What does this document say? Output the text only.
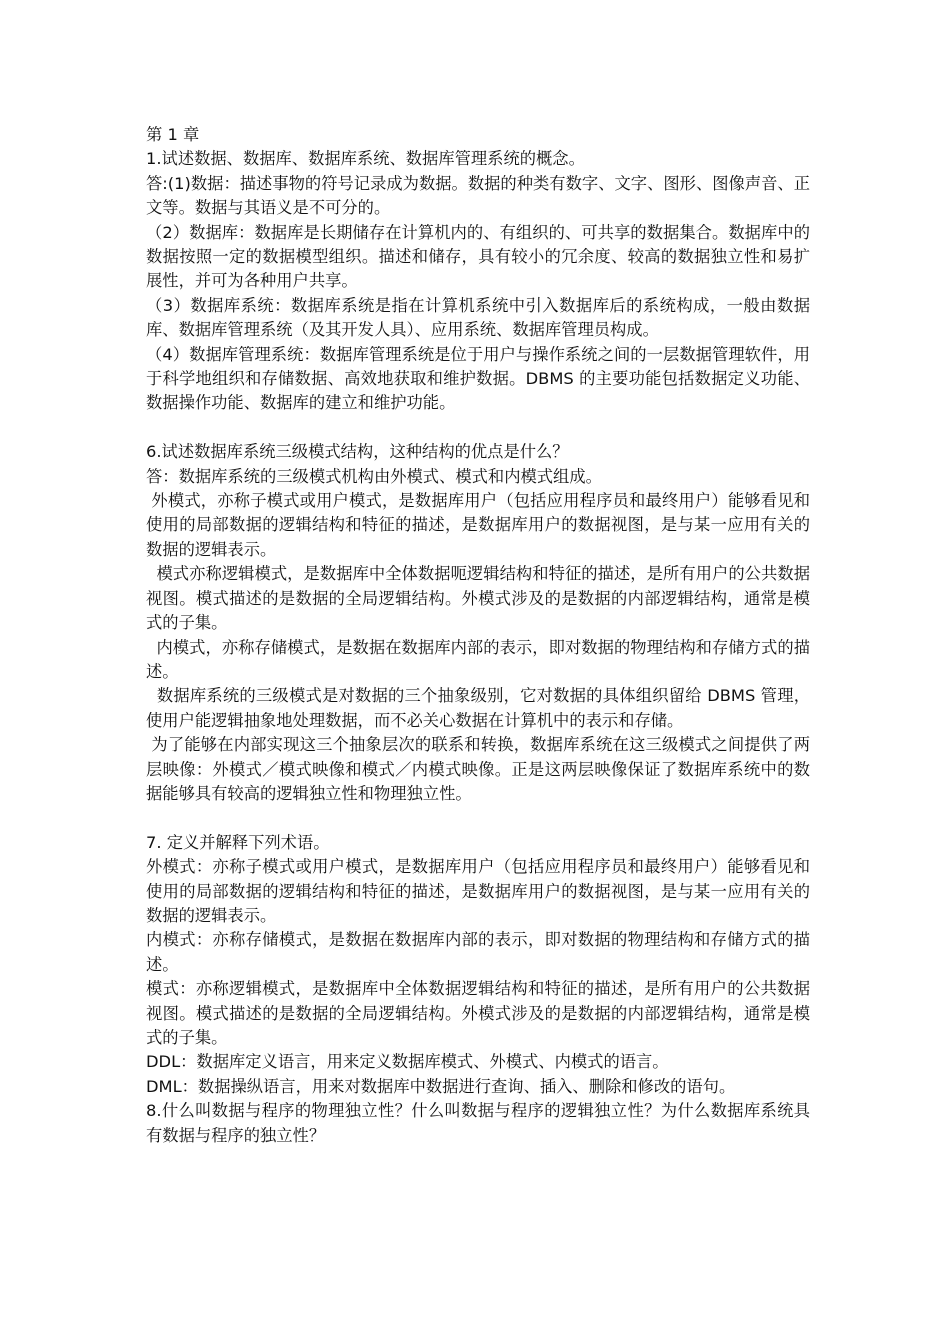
第 1 章

1.试述数据、数据库、数据库系统、数据库管理系统的概念。

答:(1)数据：描述事物的符号记录成为数据。数据的种类有数字、文字、图形、图像声音、正文等。数据与其语义是不可分的。

（2）数据库：数据库是长期储存在计算机内的、有组织的、可共享的数据集合。数据库中的数据按照一定的数据模型组织。描述和储存，具有较小的冗余度、较高的数据独立性和易扩展性，并可为各种用户共享。

（3）数据库系统：数据库系统是指在计算机系统中引入数据库后的系统构成，一般由数据库、数据库管理系统（及其开发人具）、应用系统、数据库管理员构成。

（4）数据库管理系统：数据库管理系统是位于用户与操作系统之间的一层数据管理软件，用于科学地组织和存储数据、高效地获取和维护数据。DBMS 的主要功能包括数据定义功能、数据操作功能、数据库的建立和维护功能。

6.试述数据库系统三级模式结构，这种结构的优点是什么？

答：数据库系统的三级模式机构由外模式、模式和内模式组成。

外模式，亦称子模式或用户模式，是数据库用户（包括应用程序员和最终用户）能够看见和使用的局部数据的逻辑结构和特征的描述，是数据库用户的数据视图，是与某一应用有关的数据的逻辑表示。

模式亦称逻辑模式，是数据库中全体数据呃逻辑结构和特征的描述，是所有用户的公共数据视图。模式描述的是数据的全局逻辑结构。外模式涉及的是数据的内部逻辑结构，通常是模式的子集。

内模式，亦称存储模式，是数据在数据库内部的表示，即对数据的物理结构和存储方式的描述。

数据库系统的三级模式是对数据的三个抽象级别，它对数据的具体组织留给 DBMS 管理，使用户能逻辑抽象地处理数据，而不必关心数据在计算机中的表示和存储。

为了能够在内部实现这三个抽象层次的联系和转换，数据库系统在这三级模式之间提供了两层映像：外模式／模式映像和模式／内模式映像。正是这两层映像保证了数据库系统中的数据能够具有较高的逻辑独立性和物理独立性。

7. 定义并解释下列术语。

外模式：亦称子模式或用户模式，是数据库用户（包括应用程序员和最终用户）能够看见和使用的局部数据的逻辑结构和特征的描述，是数据库用户的数据视图，是与某一应用有关的数据的逻辑表示。

内模式：亦称存储模式，是数据在数据库内部的表示，即对数据的物理结构和存储方式的描述。

模式：亦称逻辑模式，是数据库中全体数据逻辑结构和特征的描述，是所有用户的公共数据视图。模式描述的是数据的全局逻辑结构。外模式涉及的是数据的内部逻辑结构，通常是模式的子集。

DDL：数据库定义语言，用来定义数据库模式、外模式、内模式的语言。

DML：数据操纵语言，用来对数据库中数据进行查询、插入、删除和修改的语句。

8.什么叫数据与程序的物理独立性？什么叫数据与程序的逻辑独立性？为什么数据库系统具有数据与程序的独立性？
